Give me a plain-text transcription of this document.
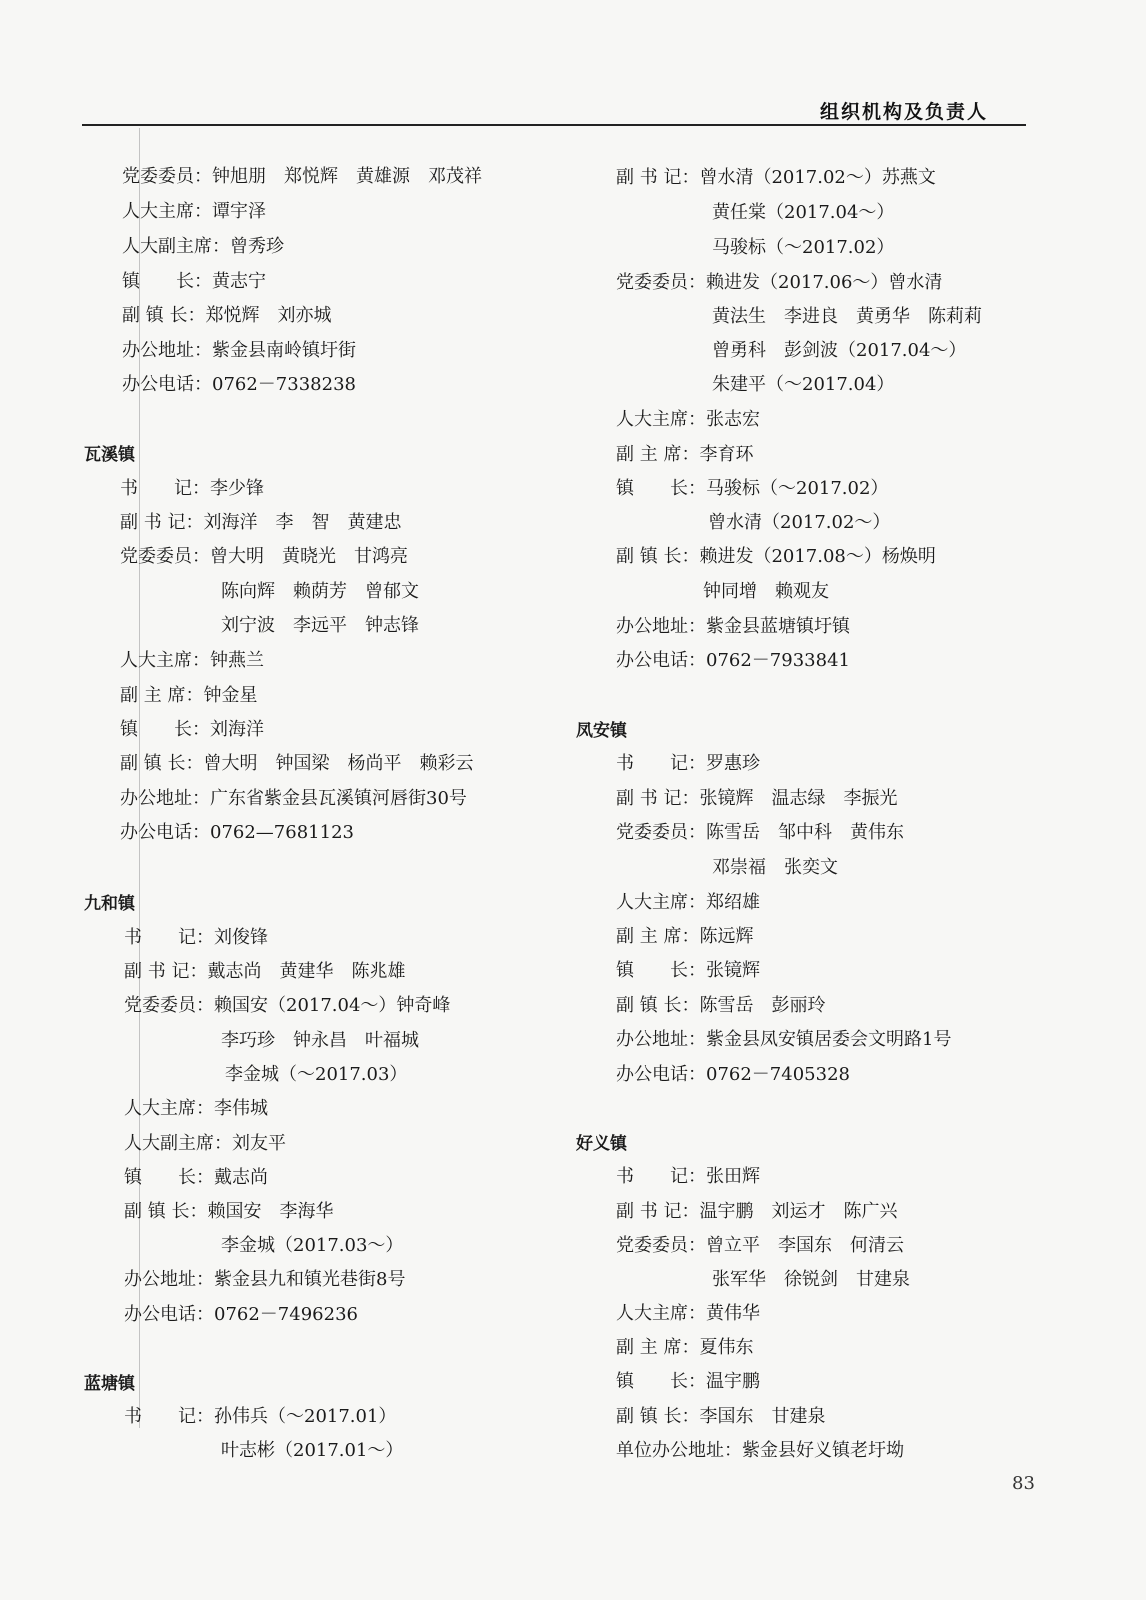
组织机构及负责人
党委委员：钟旭朋　郑悦辉　黄雄源　邓茂祥
人大主席：谭宇泽
人大副主席：曾秀珍
镇　　长：黄志宁
副 镇 长：郑悦辉　刘亦城
办公地址：紫金县南岭镇圩街
办公电话：0762－7338238
瓦溪镇
书　　记：李少锋
副 书 记：刘海洋　李　智　黄建忠
党委委员：曾大明　黄晓光　甘鸿亮
陈向辉　赖荫芳　曾郁文
刘宁波　李远平　钟志锋
人大主席：钟燕兰
副 主 席：钟金星
镇　　长：刘海洋
副 镇 长：曾大明　钟国梁　杨尚平　赖彩云
办公地址：广东省紫金县瓦溪镇河唇街30号
办公电话：0762—7681123
九和镇
书　　记：刘俊锋
副 书 记：戴志尚　黄建华　陈兆雄
党委委员：赖国安（2017.04～）钟奇峰
李巧珍　钟永昌　叶福城
李金城（～2017.03）
人大主席：李伟城
人大副主席：刘友平
镇　　长：戴志尚
副 镇 长：赖国安　李海华
李金城（2017.03～）
办公地址：紫金县九和镇光巷街8号
办公电话：0762－7496236
蓝塘镇
书　　记：孙伟兵（～2017.01）
叶志彬（2017.01～）
副 书 记：曾水清（2017.02～）苏燕文
黄任棠（2017.04～）
马骏标（～2017.02）
党委委员：赖进发（2017.06～）曾水清
黄法生　李进良　黄勇华　陈莉莉
曾勇科　彭剑波（2017.04～）
朱建平（～2017.04）
人大主席：张志宏
副 主 席：李育环
镇　　长：马骏标（～2017.02）
曾水清（2017.02～）
副 镇 长：赖进发（2017.08～）杨焕明
钟同增　赖观友
办公地址：紫金县蓝塘镇圩镇
办公电话：0762－7933841
凤安镇
书　　记：罗惠珍
副 书 记：张镜辉　温志绿　李振光
党委委员：陈雪岳　邹中科　黄伟东
邓崇福　张奕文
人大主席：郑绍雄
副 主 席：陈远辉
镇　　长：张镜辉
副 镇 长：陈雪岳　彭丽玲
办公地址：紫金县凤安镇居委会文明路1号
办公电话：0762－7405328
好义镇
书　　记：张田辉
副 书 记：温宇鹏　刘运才　陈广兴
党委委员：曾立平　李国东　何清云
张军华　徐锐剑　甘建泉
人大主席：黄伟华
副 主 席：夏伟东
镇　　长：温宇鹏
副 镇 长：李国东　甘建泉
单位办公地址：紫金县好义镇老圩坳
83
